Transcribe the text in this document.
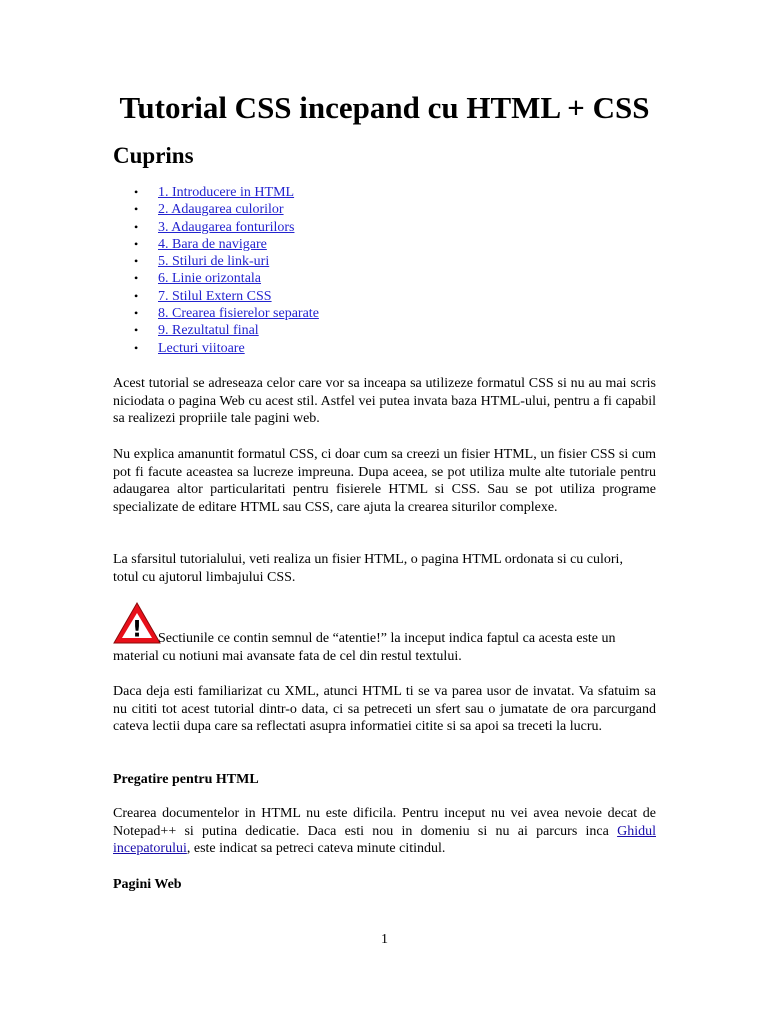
Tutorial CSS incepand cu HTML + CSS
Cuprins
• 1. Introducere in HTML
• 2. Adaugarea culorilor
• 3. Adaugarea fonturilors
• 4. Bara de navigare
• 5. Stiluri de link-uri
• 6. Linie orizontala
• 7. Stilul Extern CSS
• 8. Crearea fisierelor separate
• 9. Rezultatul final
• Lecturi viitoare

Acest tutorial se adreseaza celor care vor sa inceapa sa utilizeze formatul CSS si nu au mai scris niciodata o pagina Web cu acest stil. Astfel vei putea invata baza HTML-ului, pentru a fi capabil sa realizezi propriile tale pagini web.

Nu explica amanuntit formatul CSS, ci doar cum sa creezi un fisier HTML, un fisier CSS si cum pot fi facute aceastea sa lucreze impreuna. Dupa aceea, se pot utiliza multe alte tutoriale pentru adaugarea altor particularitati pentru fisierele HTML si CSS. Sau se pot utiliza programe specializate de editare HTML sau CSS, care ajuta la crearea siturilor complexe.

La sfarsitul tutorialului, veti realiza un fisier HTML, o pagina HTML ordonata si cu culori, totul cu ajutorul limbajului CSS.

!	Sectiunile ce contin semnul de “atentie!” la inceput indica faptul ca acesta este un material cu notiuni mai avansate fata de cel din restul textului.

Daca deja esti familiarizat cu XML, atunci HTML ti se va parea usor de invatat. Va sfatuim sa nu cititi tot acest tutorial dintr-o data, ci sa petreceti un sfert sau o jumatate de ora parcurgand cateva lectii dupa care sa reflectati asupra informatiei citite si sa apoi sa treceti la lucru.

Pregatire pentru HTML

Crearea documentelor in HTML nu este dificila. Pentru inceput nu vei avea nevoie decat de Notepad++ si putina dedicatie. Daca esti nou in domeniu si nu ai parcurs inca Ghidul incepatorului, este indicat sa petreci cateva minute citindul.

Pagini Web
1
